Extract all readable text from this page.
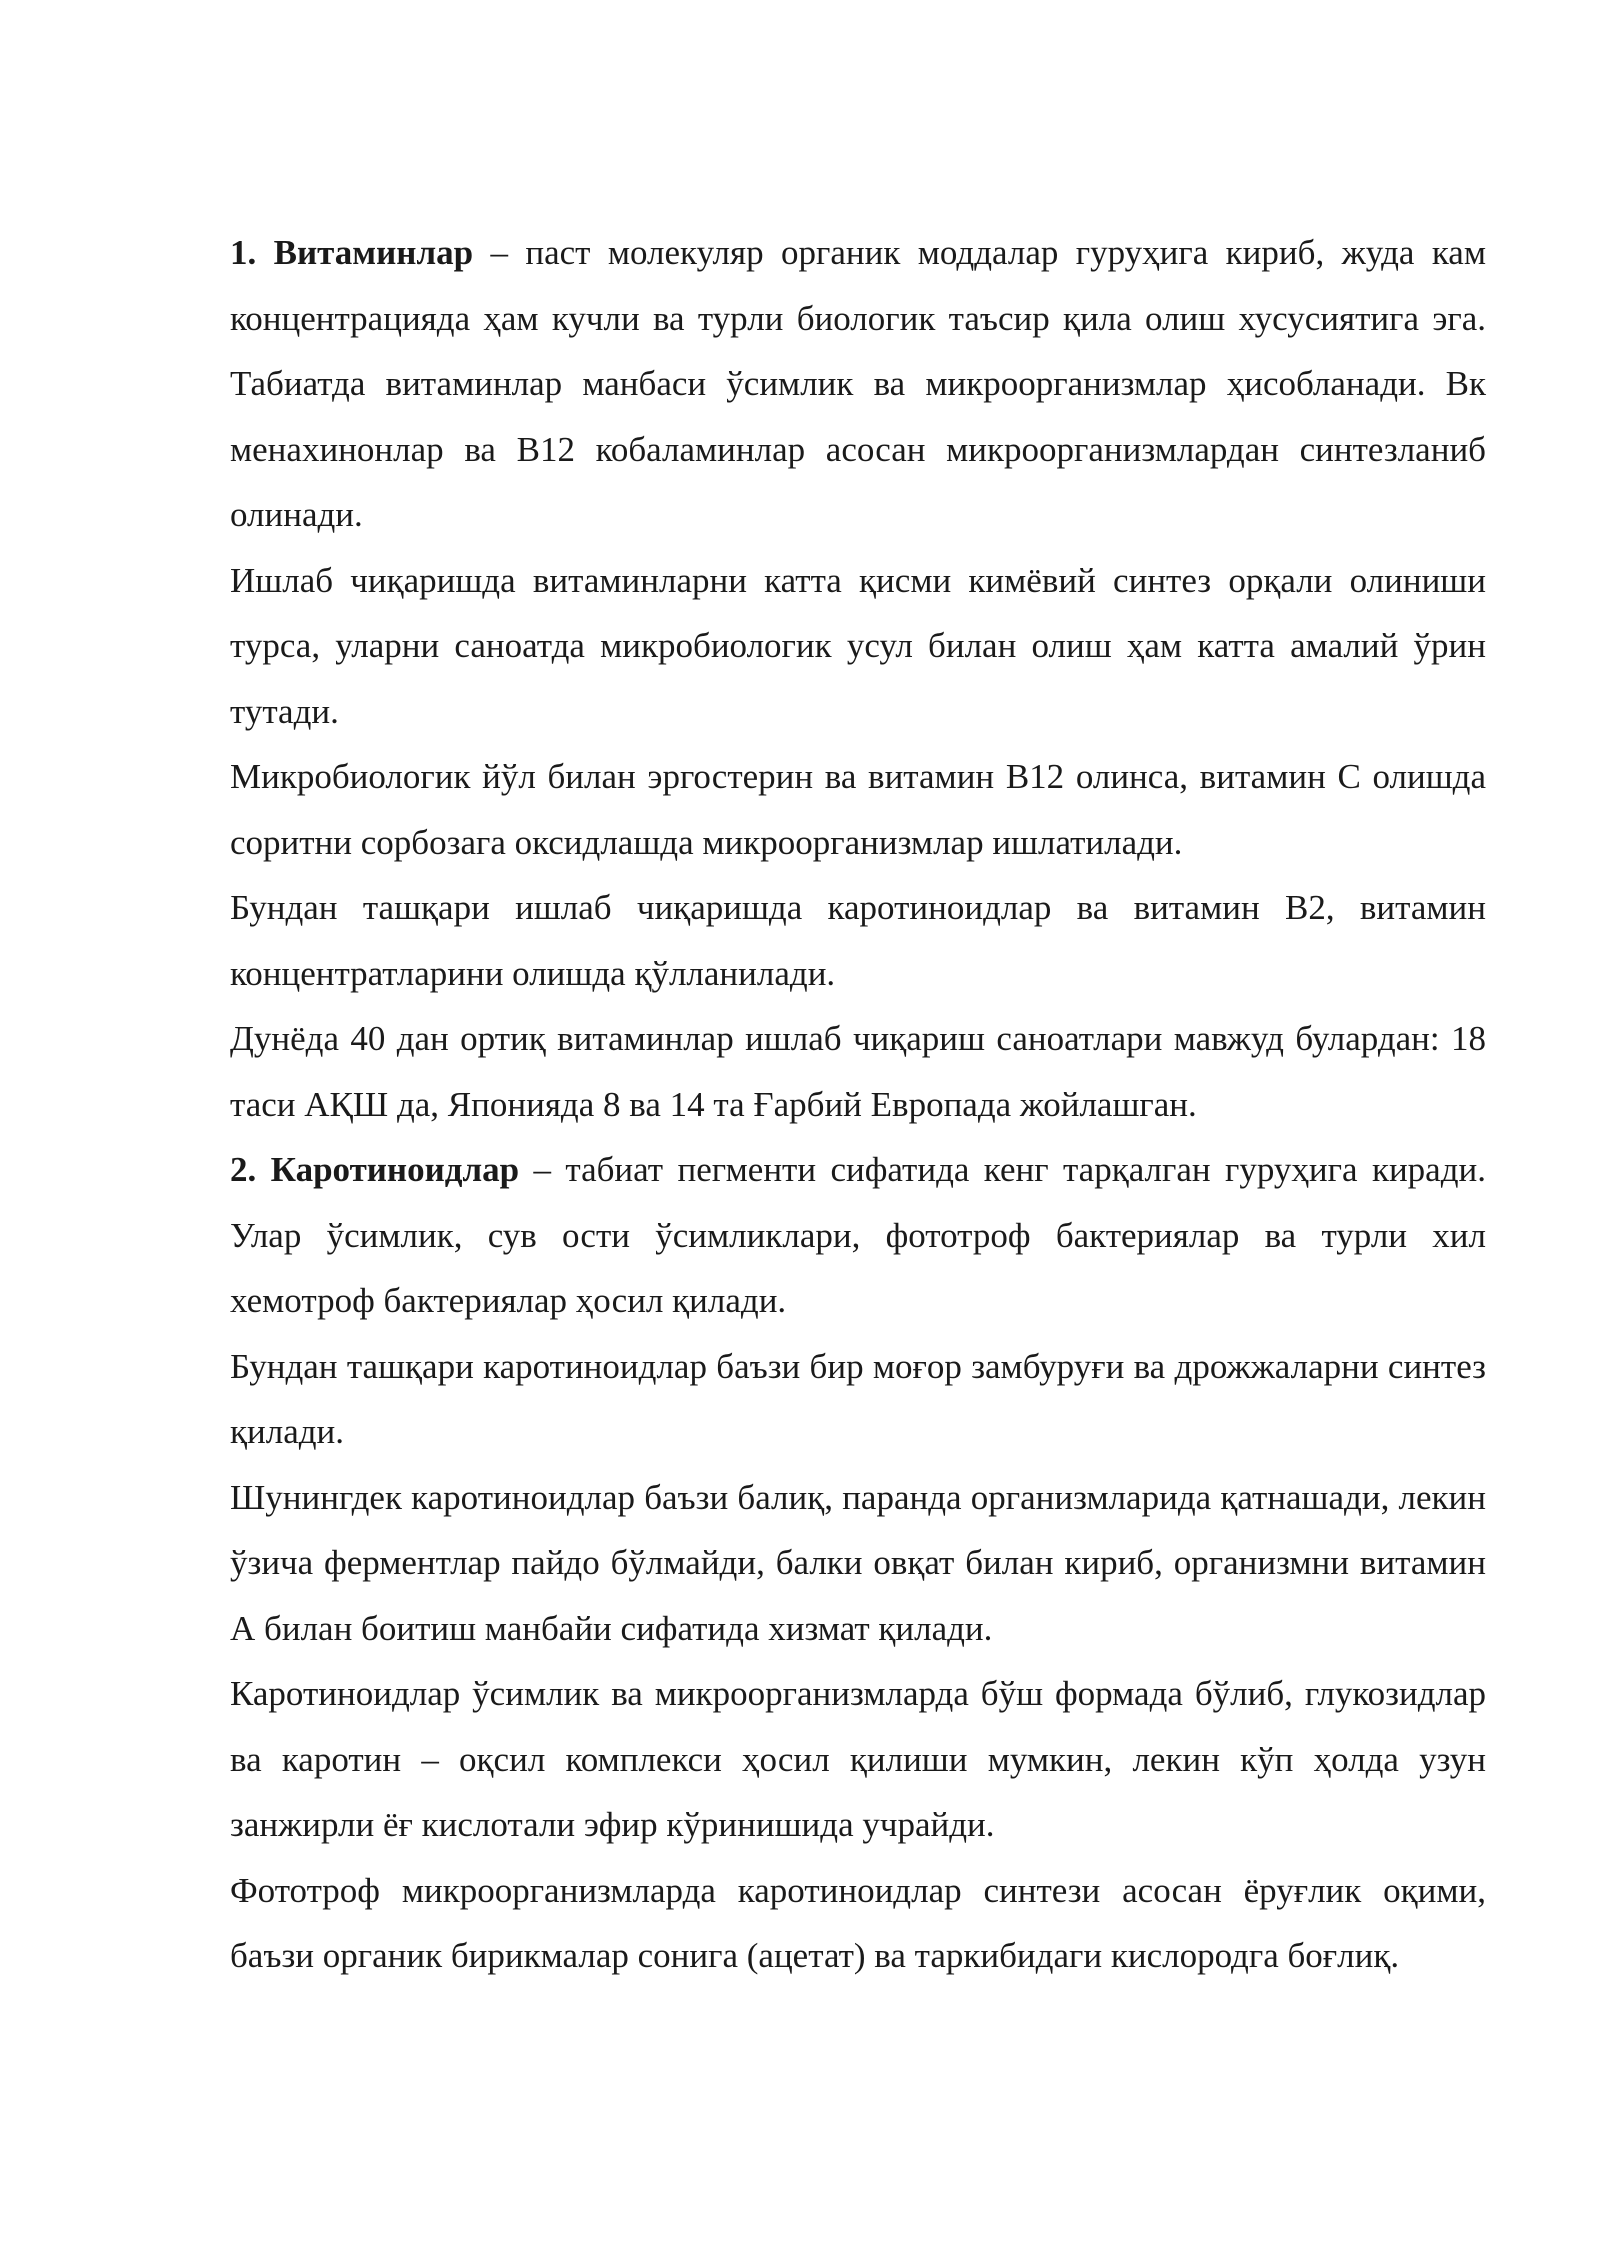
1. Витаминлар – паст молекуляр органик моддалар гуруҳига кириб, жуда кам концентрацияда ҳам кучли ва турли биологик таъсир қила олиш хусусиятига эга. Табиатда витаминлар манбаси ўсимлик ва микроорганизмлар ҳисобланади. Вк менахинонлар ва В12 кобаламинлар асосан микроорганизмлардан синтезланиб олинади.

Ишлаб чиқаришда витаминларни катта қисми кимёвий синтез орқали олиниши турса, уларни саноатда микробиологик усул билан олиш ҳам катта амалий ўрин тутади.

Микробиологик йўл билан эргостерин ва витамин В12 олинса, витамин С олишда соритни сорбозага оксидлашда микроорганизмлар ишлатилади.

Бундан ташқари ишлаб чиқаришда каротиноидлар ва витамин В2, витамин концентратларини олишда қўлланилади.

Дунёда 40 дан ортиқ витаминлар ишлаб чиқариш саноатлари мавжуд булардан: 18 таси АҚШ да, Японияда 8 ва 14 та Ғарбий Европада жойлашган.

2. Каротиноидлар – табиат пегменти сифатида кенг тарқалган гуруҳига киради. Улар ўсимлик, сув ости ўсимликлари, фототроф бактериялар ва турли хил хемотроф бактериялар ҳосил қилади.

Бундан ташқари каротиноидлар баъзи бир моғор замбуруғи ва дрожжаларни синтез қилади.

Шунингдек каротиноидлар баъзи балиқ, паранда организмларида қатнашади, лекин ўзича ферментлар пайдо бўлмайди, балки овқат билан кириб, организмни витамин А билан боитиш манбайи сифатида хизмат қилади.

Каротиноидлар ўсимлик ва микроорганизмларда бўш формада бўлиб, глукозидлар ва каротин – оқсил комплекси ҳосил қилиши мумкин, лекин кўп ҳолда узун занжирли ёғ кислотали эфир кўринишида учрайди.

Фототроф микроорганизмларда каротиноидлар синтези асосан ёруғлик оқими, баъзи органик бирикмалар сонига (ацетат) ва таркибидаги кислородга боғлиқ.
